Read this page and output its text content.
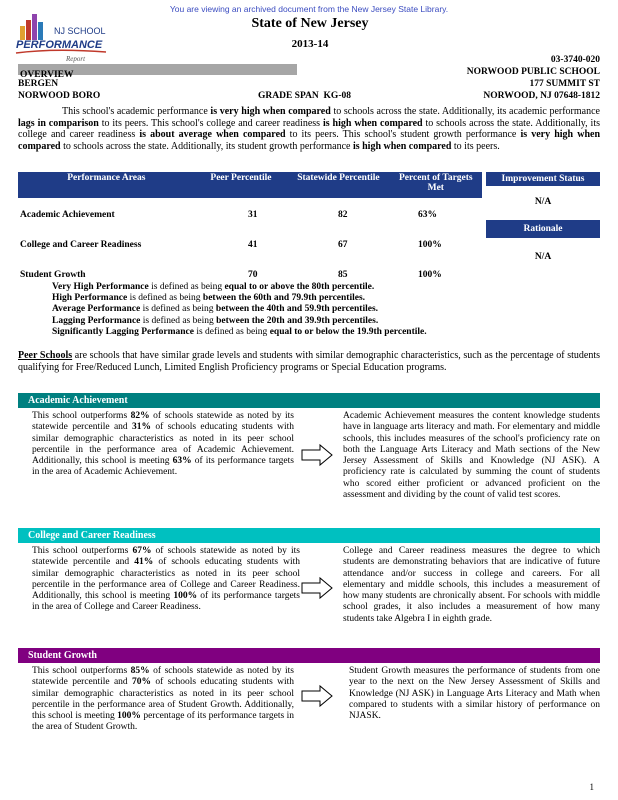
You are viewing an archived document from the New Jersey State Library.
NJ SCHOOL
PERFORMANCE
Report
State of New Jersey
2013-14
03-3740-020
NORWOOD PUBLIC SCHOOL
177 SUMMIT ST
NORWOOD, NJ 07648-1812
OVERVIEW
BERGEN
NORWOOD BORO	GRADE SPAN KG-08
This school's academic performance is very high when compared to schools across the state. Additionally, its academic performance lags in comparison to its peers. This school's college and career readiness is high when compared to schools across the state. Additionally, its college and career readiness is about average when compared to its peers. This school's student growth performance is very high when compared to schools across the state. Additionally, its student growth performance is high when compared to its peers.
Performance Areas	Peer Percentile	Statewide Percentile	Percent of Targets Met
Academic Achievement	31	82	63%
College and Career Readiness	41	67	100%
Student Growth	70	85	100%
Improvement Status
N/A
Rationale
N/A
Very High Performance is defined as being equal to or above the 80th percentile.
High Performance is defined as being between the 60th and 79.9th percentiles.
Average Performance is defined as being between the 40th and 59.9th percentiles.
Lagging Performance is defined as being between the 20th and 39.9th percentiles.
Significantly Lagging Performance is defined as being equal to or below the 19.9th percentile.
Peer Schools are schools that have similar grade levels and students with similar demographic characteristics, such as the percentage of students qualifying for Free/Reduced Lunch, Limited English Proficiency programs or Special Education programs.
Academic Achievement
This school outperforms 82% of schools statewide as noted by its statewide percentile and 31% of schools educating students with similar demographic characteristics as noted in its peer school percentile in the performance area of Academic Achievement. Additionally, this school is meeting 63% of its performance targets in the area of Academic Achievement.
Academic Achievement measures the content knowledge students have in language arts literacy and math. For elementary and middle schools, this includes measures of the school's proficiency rate on both the Language Arts Literacy and Math sections of the New Jersey Assessment of Skills and Knowledge (NJ ASK). A proficiency rate is calculated by summing the count of students who scored either proficient or advanced proficient on the assessment and dividing by the count of valid test scores.
College and Career Readiness
This school outperforms 67% of schools statewide as noted by its statewide percentile and 41% of schools educating students with similar demographic characteristics as noted in its peer school percentile in the performance area of College and Career Readiness. Additionally, this school is meeting 100% of its performance targets in the area of College and Career Readiness.
College and Career readiness measures the degree to which students are demonstrating behaviors that are indicative of future attendance and/or success in college and careers. For all elementary and middle schools, this includes a measurement of how many students are chronically absent. For schools with middle school grades, it also includes a measurement of how many students take Algebra I in eighth grade.
Student Growth
This school outperforms 85% of schools statewide as noted by its statewide percentile and 70% of schools educating students with similar demographic characteristics as noted in its peer school percentile in the performance area of Student Growth. Additionally, this school is meeting 100% percentage of its performance targets in the area of Student Growth.
Student Growth measures the performance of students from one year to the next on the New Jersey Assessment of Skills and Knowledge (NJ ASK) in Language Arts Literacy and Math when compared to students with a similar history of performance on NJASK.
1
